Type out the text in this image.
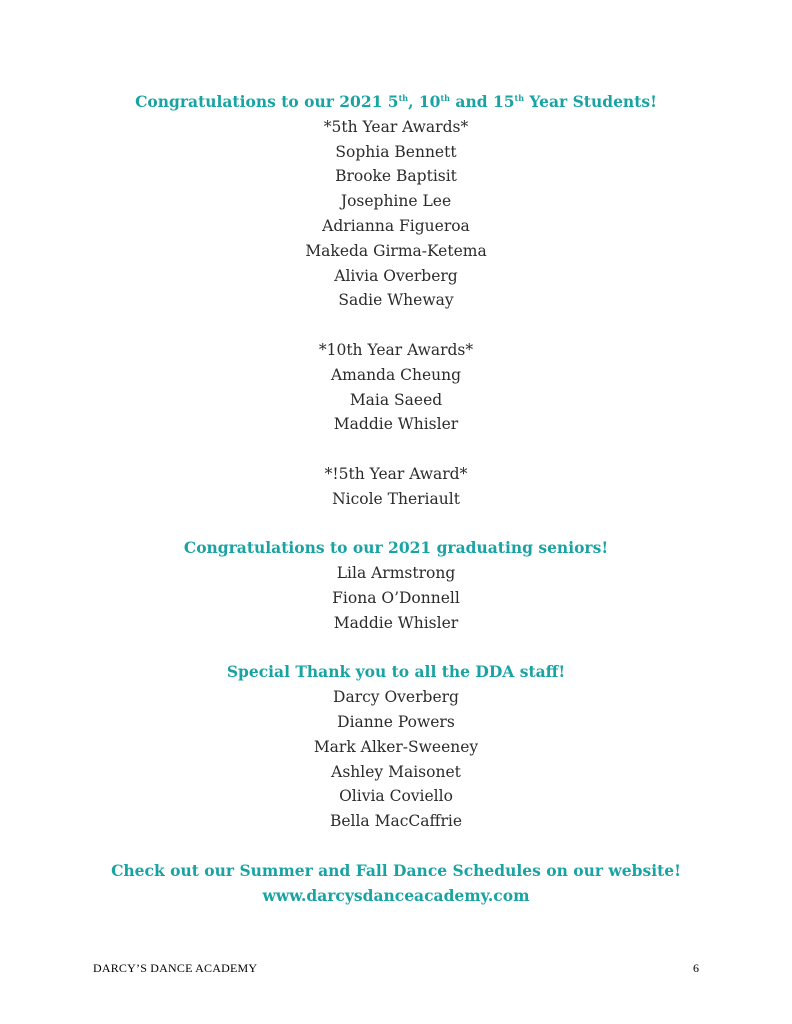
Congratulations to our 2021 5th, 10th and 15th Year Students!
*5th Year Awards*
Sophia Bennett
Brooke Baptisit
Josephine Lee
Adrianna Figueroa
Makeda Girma-Ketema
Alivia Overberg
Sadie Wheway
*10th Year Awards*
Amanda Cheung
Maia Saeed
Maddie Whisler
*!5th Year Award*
Nicole Theriault
Congratulations to our 2021 graduating seniors!
Lila Armstrong
Fiona O’Donnell
Maddie Whisler
Special Thank you to all the DDA staff!
Darcy Overberg
Dianne Powers
Mark Alker-Sweeney
Ashley Maisonet
Olivia Coviello
Bella MacCaffrie
Check out our Summer and Fall Dance Schedules on our website!
www.darcysdanceacademy.com
DARCY’S DANCE ACADEMY	6
